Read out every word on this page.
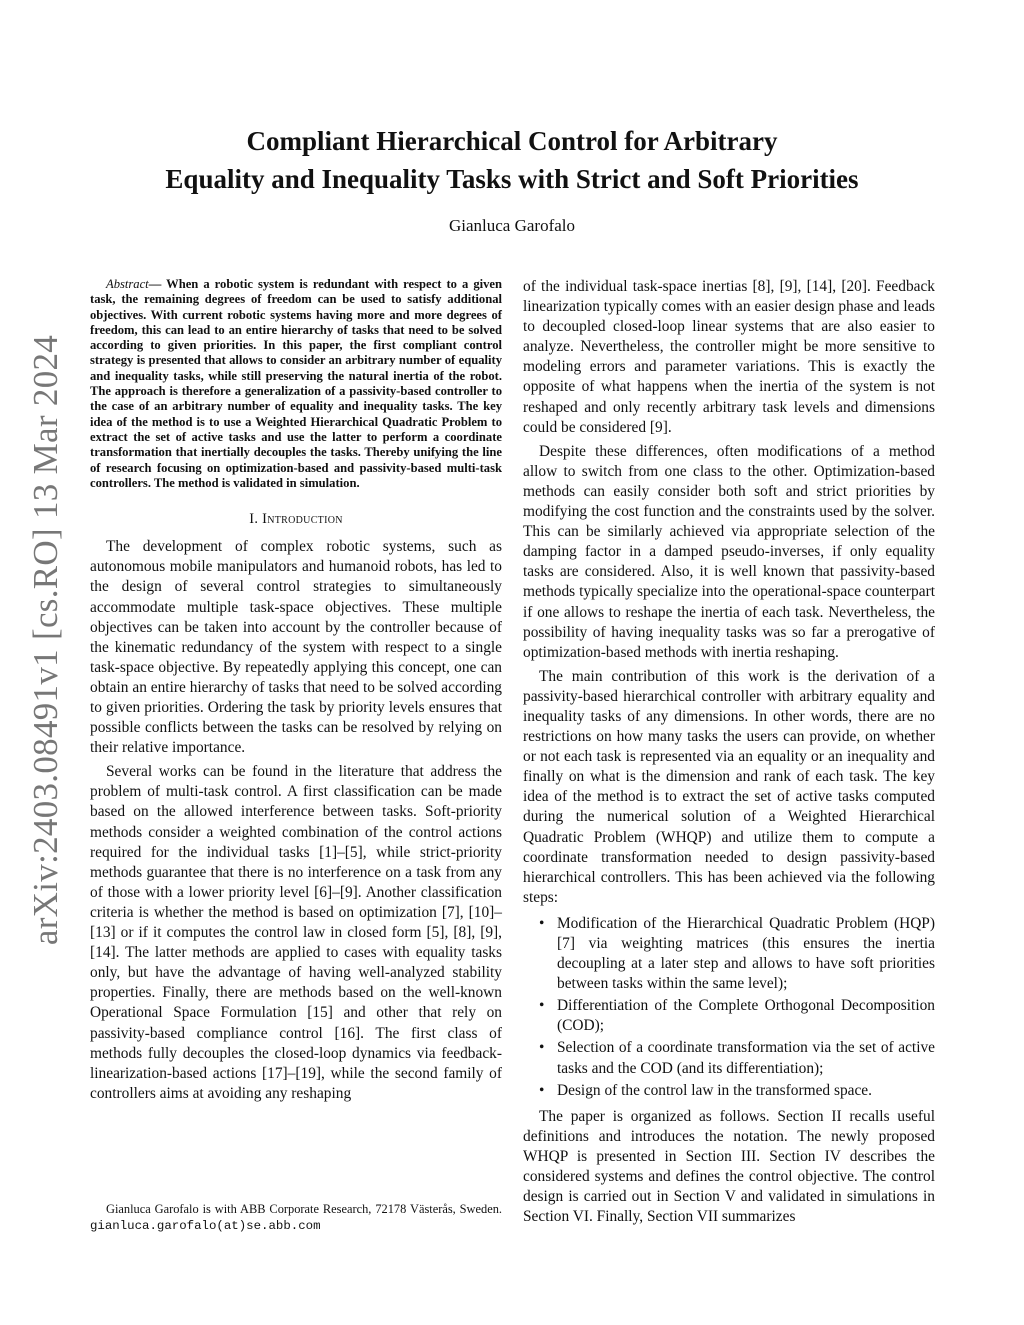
arXiv:2403.08491v1 [cs.RO] 13 Mar 2024
Compliant Hierarchical Control for Arbitrary
Equality and Inequality Tasks with Strict and Soft Priorities
Gianluca Garofalo

Abstract— When a robotic system is redundant with respect to a given task, the remaining degrees of freedom can be used to satisfy additional objectives. With current robotic systems having more and more degrees of freedom, this can lead to an entire hierarchy of tasks that need to be solved according to given priorities. In this paper, the first compliant control strategy is presented that allows to consider an arbitrary number of equality and inequality tasks, while still preserving the natural inertia of the robot. The approach is therefore a generalization of a passivity-based controller to the case of an arbitrary number of equality and inequality tasks. The key idea of the method is to use a Weighted Hierarchical Quadratic Problem to extract the set of active tasks and use the latter to perform a coordinate transformation that inertially decouples the tasks. Thereby unifying the line of research focusing on optimization-based and passivity-based multi-task controllers. The method is validated in simulation.

I. Introduction

The development of complex robotic systems, such as autonomous mobile manipulators and humanoid robots, has led to the design of several control strategies to simultaneously accommodate multiple task-space objectives. These multiple objectives can be taken into account by the controller because of the kinematic redundancy of the system with respect to a single task-space objective. By repeatedly applying this concept, one can obtain an entire hierarchy of tasks that need to be solved according to given priorities. Ordering the task by priority levels ensures that possible conflicts between the tasks can be resolved by relying on their relative importance.

Several works can be found in the literature that address the problem of multi-task control. A first classification can be made based on the allowed interference between tasks. Soft-priority methods consider a weighted combination of the control actions required for the individual tasks [1]–[5], while strict-priority methods guarantee that there is no interference on a task from any of those with a lower priority level [6]–[9]. Another classification criteria is whether the method is based on optimization [7], [10]–[13] or if it computes the control law in closed form [5], [8], [9], [14]. The latter methods are applied to cases with equality tasks only, but have the advantage of having well-analyzed stability properties. Finally, there are methods based on the well-known Operational Space Formulation [15] and other that rely on passivity-based compliance control [16]. The first class of methods fully decouples the closed-loop dynamics via feedback-linearization-based actions [17]–[19], while the second family of controllers aims at avoiding any reshaping

of the individual task-space inertias [8], [9], [14], [20]. Feedback linearization typically comes with an easier design phase and leads to decoupled closed-loop linear systems that are also easier to analyze. Nevertheless, the controller might be more sensitive to modeling errors and parameter variations. This is exactly the opposite of what happens when the inertia of the system is not reshaped and only recently arbitrary task levels and dimensions could be considered [9].

Despite these differences, often modifications of a method allow to switch from one class to the other. Optimization-based methods can easily consider both soft and strict priorities by modifying the cost function and the constraints used by the solver. This can be similarly achieved via appropriate selection of the damping factor in a damped pseudo-inverses, if only equality tasks are considered. Also, it is well known that passivity-based methods typically specialize into the operational-space counterpart if one allows to reshape the inertia of each task. Nevertheless, the possibility of having inequality tasks was so far a prerogative of optimization-based methods with inertia reshaping.

The main contribution of this work is the derivation of a passivity-based hierarchical controller with arbitrary equality and inequality tasks of any dimensions. In other words, there are no restrictions on how many tasks the users can provide, on whether or not each task is represented via an equality or an inequality and finally on what is the dimension and rank of each task. The key idea of the method is to extract the set of active tasks computed during the numerical solution of a Weighted Hierarchical Quadratic Problem (WHQP) and utilize them to compute a coordinate transformation needed to design passivity-based hierarchical controllers. This has been achieved via the following steps:

• Modification of the Hierarchical Quadratic Problem (HQP) [7] via weighting matrices (this ensures the inertia decoupling at a later step and allows to have soft priorities between tasks within the same level);
• Differentiation of the Complete Orthogonal Decomposition (COD);
• Selection of a coordinate transformation via the set of active tasks and the COD (and its differentiation);
• Design of the control law in the transformed space.

The paper is organized as follows. Section II recalls useful definitions and introduces the notation. The newly proposed WHQP is presented in Section III. Section IV describes the considered systems and defines the control objective. The control design is carried out in Section V and validated in simulations in Section VI. Finally, Section VII summarizes

Gianluca Garofalo is with ABB Corporate Research, 72178 Västerås, Sweden. gianluca.garofalo(at)se.abb.com
